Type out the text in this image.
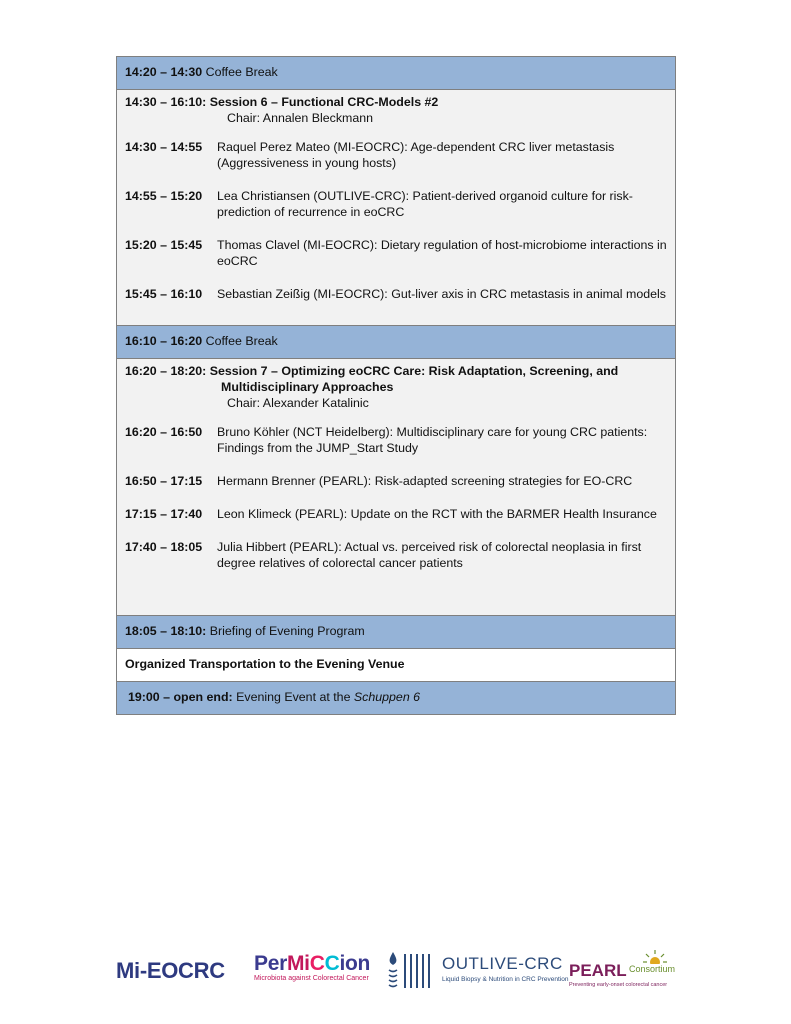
14:20 – 14:30 Coffee Break
14:30 – 16:10: Session 6 – Functional CRC-Models #2
Chair: Annalen Bleckmann
14:30 – 14:55	Raquel Perez Mateo (MI-EOCRC): Age-dependent CRC liver metastasis (Aggressiveness in young hosts)
14:55 – 15:20	Lea Christiansen (OUTLIVE-CRC): Patient-derived organoid culture for risk-prediction of recurrence in eoCRC
15:20 – 15:45	Thomas Clavel (MI-EOCRC): Dietary regulation of host-microbiome interactions in eoCRC
15:45 – 16:10	Sebastian Zeißig (MI-EOCRC): Gut-liver axis in CRC metastasis in animal models
16:10 – 16:20 Coffee Break
16:20 – 18:20: Session 7 – Optimizing eoCRC Care: Risk Adaptation, Screening, and
Multidisciplinary Approaches
Chair: Alexander Katalinic
16:20 – 16:50	Bruno Köhler (NCT Heidelberg): Multidisciplinary care for young CRC patients: Findings from the JUMP_Start Study
16:50 – 17:15	Hermann Brenner (PEARL): Risk-adapted screening strategies for EO-CRC
17:15 – 17:40	Leon Klimeck (PEARL): Update on the RCT with the BARMER Health Insurance
17:40 – 18:05	Julia Hibbert (PEARL): Actual vs. perceived risk of colorectal neoplasia in first degree relatives of colorectal cancer patients
18:05 – 18:10: Briefing of Evening Program
Organized Transportation to the Evening Venue
19:00 – open end: Evening Event at the Schuppen 6
Mi-EOCRC PerMiCCion
Microbiota against Colorectal Cancer
OUTLIVE-CRC
Liquid Biopsy & Nutrition in CRC Prevention PEARL Consortium
Preventing early-onset colorectal cancer
